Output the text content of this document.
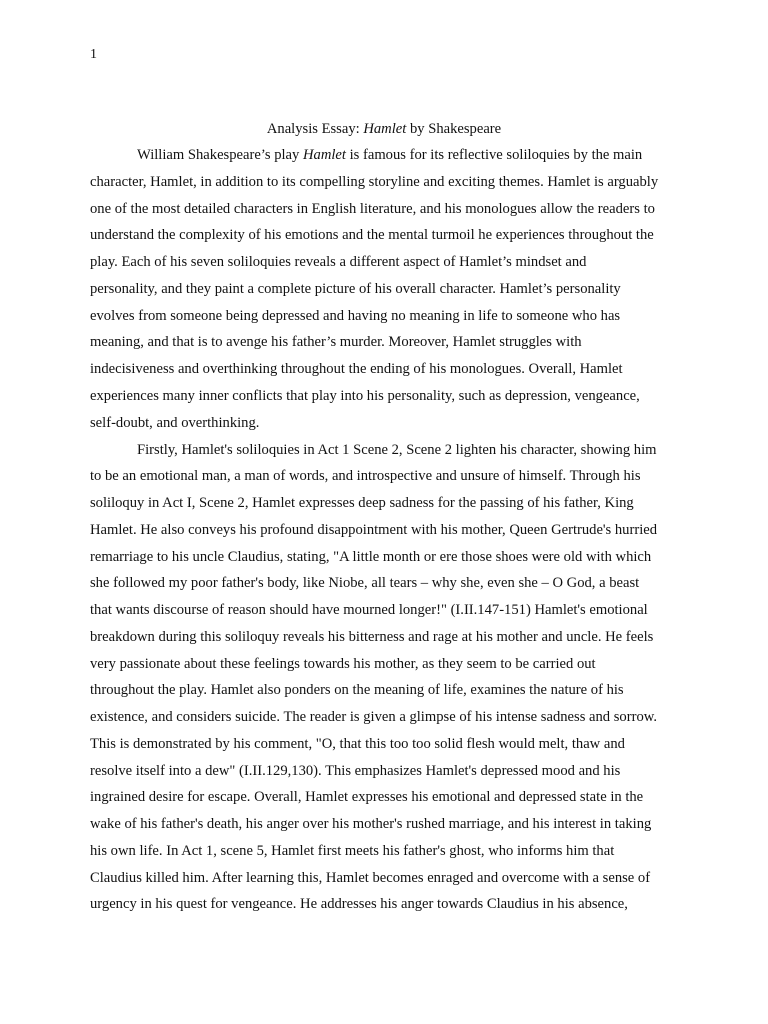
1
Analysis Essay: Hamlet by Shakespeare
William Shakespeare’s play Hamlet is famous for its reflective soliloquies by the main
character, Hamlet, in addition to its compelling storyline and exciting themes. Hamlet is arguably
one of the most detailed characters in English literature, and his monologues allow the readers to
understand the complexity of his emotions and the mental turmoil he experiences throughout the
play. Each of his seven soliloquies reveals a different aspect of Hamlet’s mindset and
personality, and they paint a complete picture of his overall character. Hamlet’s personality
evolves from someone being depressed and having no meaning in life to someone who has
meaning, and that is to avenge his father’s murder. Moreover, Hamlet struggles with
indecisiveness and overthinking throughout the ending of his monologues. Overall, Hamlet
experiences many inner conflicts that play into his personality, such as depression, vengeance,
self-doubt, and overthinking.
Firstly, Hamlet's soliloquies in Act 1 Scene 2, Scene 2 lighten his character, showing him
to be an emotional man, a man of words, and introspective and unsure of himself. Through his
soliloquy in Act I, Scene 2, Hamlet expresses deep sadness for the passing of his father, King
Hamlet. He also conveys his profound disappointment with his mother, Queen Gertrude's hurried
remarriage to his uncle Claudius, stating, "A little month or ere those shoes were old with which
she followed my poor father's body, like Niobe, all tears – why she, even she – O God, a beast
that wants discourse of reason should have mourned longer!" (I.II.147-151) Hamlet's emotional
breakdown during this soliloquy reveals his bitterness and rage at his mother and uncle. He feels
very passionate about these feelings towards his mother, as they seem to be carried out
throughout the play. Hamlet also ponders on the meaning of life, examines the nature of his
existence, and considers suicide. The reader is given a glimpse of his intense sadness and sorrow.
This is demonstrated by his comment, "O, that this too too solid flesh would melt, thaw and
resolve itself into a dew" (I.II.129,130). This emphasizes Hamlet's depressed mood and his
ingrained desire for escape. Overall, Hamlet expresses his emotional and depressed state in the
wake of his father's death, his anger over his mother's rushed marriage, and his interest in taking
his own life. In Act 1, scene 5, Hamlet first meets his father's ghost, who informs him that
Claudius killed him. After learning this, Hamlet becomes enraged and overcome with a sense of
urgency in his quest for vengeance. He addresses his anger towards Claudius in his absence,
